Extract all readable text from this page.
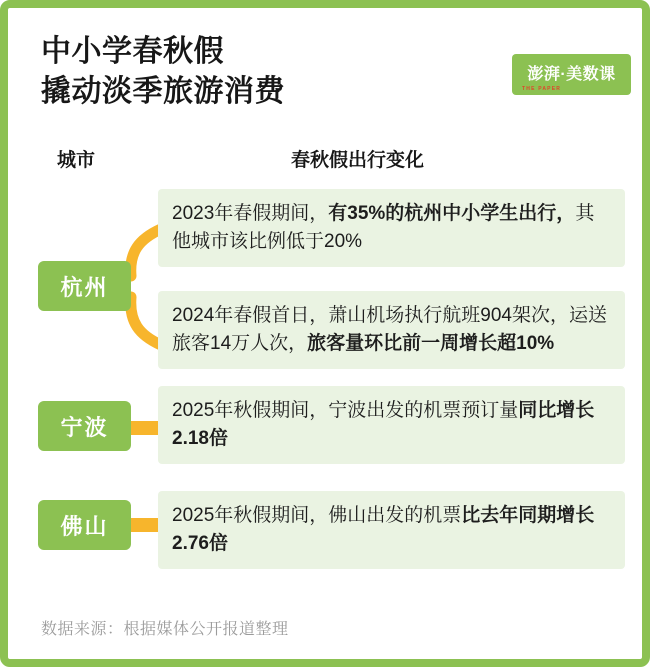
中小学春秋假
撬动淡季旅游消费
澎湃·美数课
THE PAPER
城市	春秋假出行变化

2023年春假期间，有35%的杭州中小学生出行，其他城市该比例低于20%

2024年春假首日，萧山机场执行航班904架次，运送旅客14万人次，旅客量环比前一周增长超10%

2025年秋假期间，宁波出发的机票预订量同比增长2.18倍

2025年秋假期间，佛山出发的机票比去年同期增长2.76倍

杭州
宁波
佛山
数据来源：根据媒体公开报道整理
